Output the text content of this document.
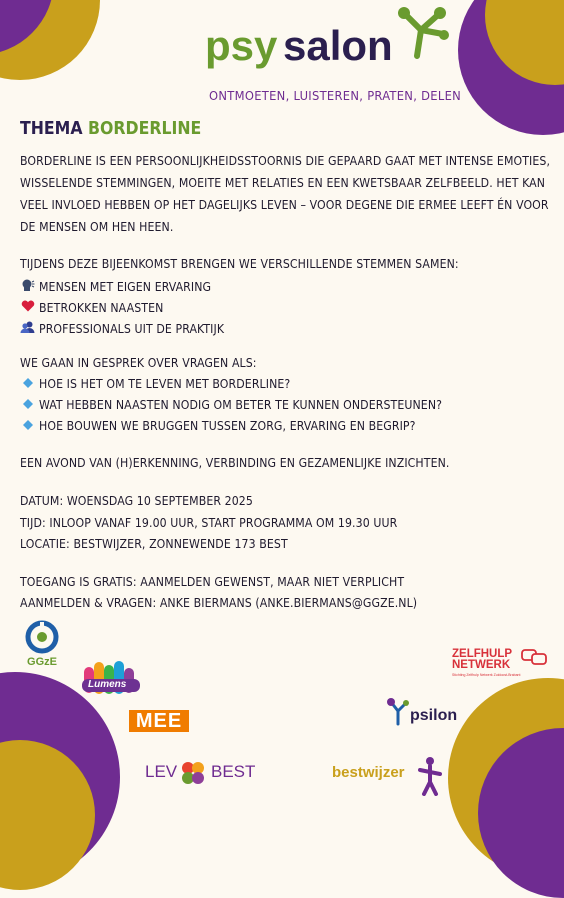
psy salon
ONTMOETEN, LUISTEREN, PRATEN, DELEN
THEMA BORDERLINE
BORDERLINE IS EEN PERSOONLIJKHEIDSSTOORNIS DIE GEPAARD GAAT MET INTENSE EMOTIES,
WISSELENDE STEMMINGEN, MOEITE MET RELATIES EN EEN KWETSBAAR ZELFBEELD. HET KAN
VEEL INVLOED HEBBEN OP HET DAGELIJKS LEVEN – VOOR DEGENE DIE ERMEE LEEFT ÉN VOOR
DE MENSEN OM HEN HEEN.
TIJDENS DEZE BIJEENKOMST BRENGEN WE VERSCHILLENDE STEMMEN SAMEN:
MENSEN MET EIGEN ERVARING
BETROKKEN NAASTEN
PROFESSIONALS UIT DE PRAKTIJK
WE GAAN IN GESPREK OVER VRAGEN ALS:
HOE IS HET OM TE LEVEN MET BORDERLINE?
WAT HEBBEN NAASTEN NODIG OM BETER TE KUNNEN ONDERSTEUNEN?
HOE BOUWEN WE BRUGGEN TUSSEN ZORG, ERVARING EN BEGRIP?
EEN AVOND VAN (H)ERKENNING, VERBINDING EN GEZAMENLIJKE INZICHTEN.
DATUM: WOENSDAG 10 SEPTEMBER 2025
TIJD: INLOOP VANAF 19.00 UUR, START PROGRAMMA OM 19.30 UUR
LOCATIE: BESTWIJZER, ZONNEWENDE 173 BEST
TOEGANG IS GRATIS: AANMELDEN GEWENST, MAAR NIET VERPLICHT
AANMELDEN & VRAGEN: ANKE BIERMANS (ANKE.BIERMANS@GGZE.NL)
GGzE
Lumens
MEE
LEV BEST
ZELFHULP
NETWERK
Stichting Zelfhulp Netwerk Zuidoost-Brabant
psilon
bestwijzer
